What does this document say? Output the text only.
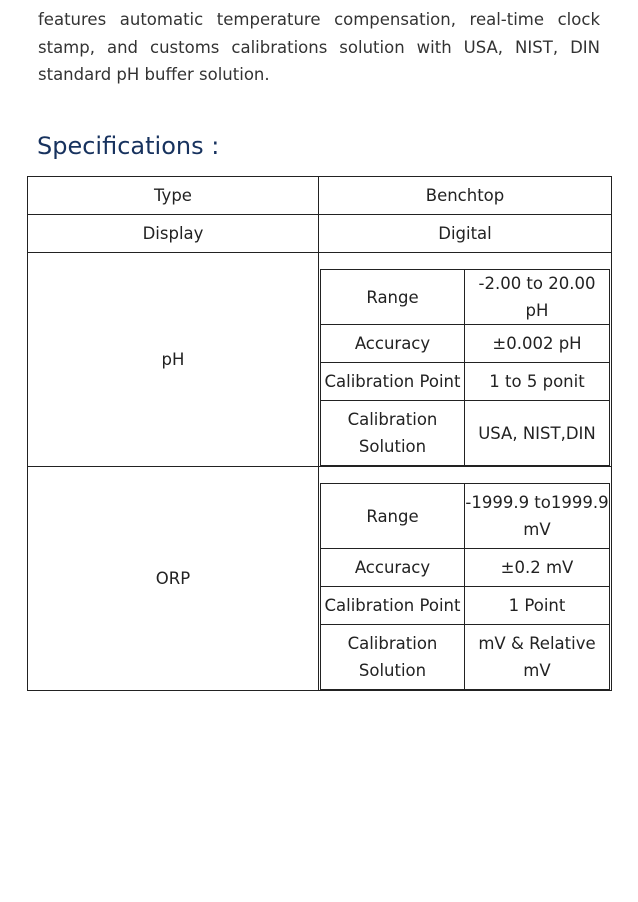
features automatic temperature compensation, real-time clock stamp, and customs calibrations solution with USA, NIST, DIN standard pH buffer solution.

Specifications :
Type	Benchtop
Display	Digital
pH	
Range	-2.00 to 20.00 pH
Accuracy	±0.002 pH
Calibration Point	1 to 5 ponit
Calibration Solution	USA, NIST,DIN

ORP	
Range	-1999.9 to1999.9 mV
Accuracy	±0.2 mV
Calibration Point	1 Point
Calibration Solution	mV & Relative mV
